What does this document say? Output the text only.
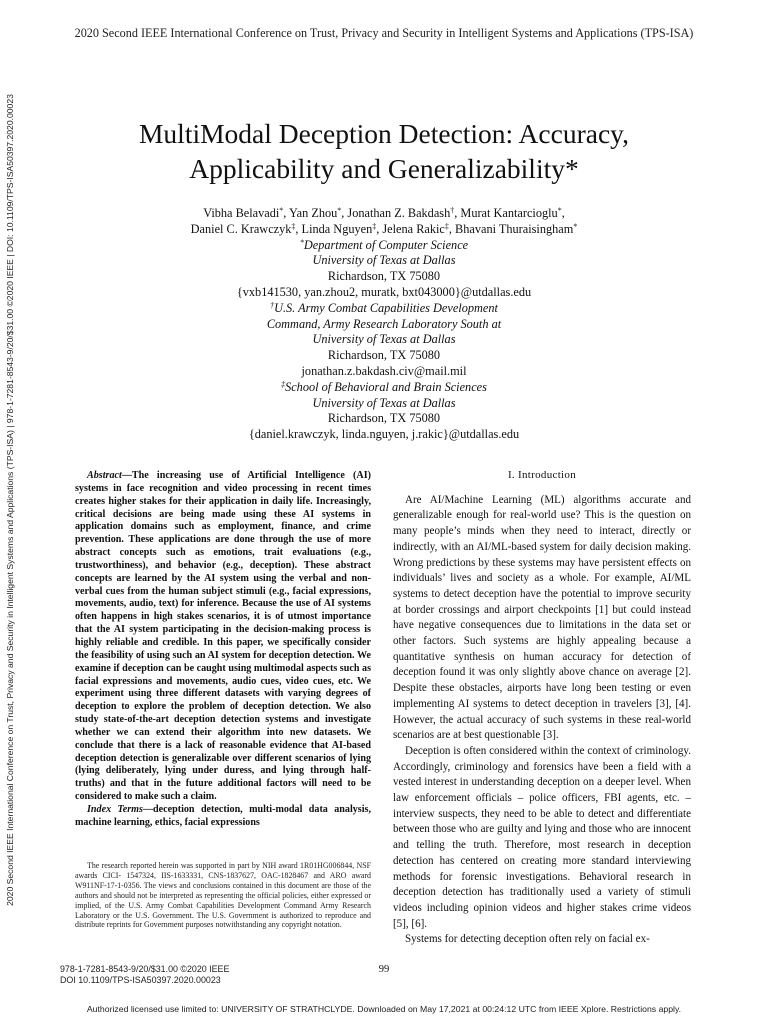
2020 Second IEEE International Conference on Trust, Privacy and Security in Intelligent Systems and Applications (TPS-ISA)
2020 Second IEEE International Conference on Trust, Privacy and Security in Intelligent Systems and Applications (TPS-ISA) | 978-1-7281-8543-9/20/$31.00 ©2020 IEEE | DOI: 10.1109/TPS-ISA50397.2020.00023	MultiModal Deception Detection: Accuracy,
Applicability and Generalizability*
Vibha Belavadi*, Yan Zhou*, Jonathan Z. Bakdash†, Murat Kantarcioglu*,
Daniel C. Krawczyk‡, Linda Nguyen‡, Jelena Rakic‡, Bhavani Thuraisingham*
*Department of Computer Science
University of Texas at Dallas
Richardson, TX 75080
{vxb141530, yan.zhou2, muratk, bxt043000}@utdallas.edu
†U.S. Army Combat Capabilities Development
Command, Army Research Laboratory South at
University of Texas at Dallas
Richardson, TX 75080
jonathan.z.bakdash.civ@mail.mil
‡School of Behavioral and Brain Sciences
University of Texas at Dallas
Richardson, TX 75080
{daniel.krawczyk, linda.nguyen, j.rakic}@utdallas.edu

Abstract—The increasing use of Artificial Intelligence (AI) systems in face recognition and video processing in recent times creates higher stakes for their application in daily life. Increasingly, critical decisions are being made using these AI systems in application domains such as employment, finance, and crime prevention. These applications are done through the use of more abstract concepts such as emotions, trait evaluations (e.g., trustworthiness), and behavior (e.g., deception). These abstract concepts are learned by the AI system using the verbal and non-verbal cues from the human subject stimuli (e.g., facial expressions, movements, audio, text) for inference. Because the use of AI systems often happens in high stakes scenarios, it is of utmost importance that the AI system participating in the decision-making process is highly reliable and credible. In this paper, we specifically consider the feasibility of using such an AI system for deception detection. We examine if deception can be caught using multimodal aspects such as facial expressions and movements, audio cues, video cues, etc. We experiment using three different datasets with varying degrees of deception to explore the problem of deception detection. We also study state-of-the-art deception detection systems and investigate whether we can extend their algorithm into new datasets. We conclude that there is a lack of reasonable evidence that AI-based deception detection is generalizable over different scenarios of lying (lying deliberately, lying under duress, and lying through half-truths) and that in the future additional factors will need to be considered to make such a claim.

Index Terms—deception detection, multi-modal data analysis, machine learning, ethics, facial expressions

The research reported herein was supported in part by NIH award 1R01HG006844, NSF awards CICI- 1547324, IIS-1633331, CNS-1837627, OAC-1828467 and ARO award W911NF-17-1-0356. The views and conclusions contained in this document are those of the authors and should not be interpreted as representing the official policies, either expressed or implied, of the U.S. Army Combat Capabilities Development Command Army Research Laboratory or the U.S. Government. The U.S. Government is authorized to reproduce and distribute reprints for Government purposes notwithstanding any copyright notation.

I. Introduction

Are AI/Machine Learning (ML) algorithms accurate and generalizable enough for real-world use? This is the question on many people’s minds when they need to interact, directly or indirectly, with an AI/ML-based system for daily decision making. Wrong predictions by these systems may have persistent effects on individuals’ lives and society as a whole. For example, AI/ML systems to detect deception have the potential to improve security at border crossings and airport checkpoints [1] but could instead have negative consequences due to limitations in the data set or other factors. Such systems are highly appealing because a quantitative synthesis on human accuracy for detection of deception found it was only slightly above chance on average [2]. Despite these obstacles, airports have long been testing or even implementing AI systems to detect deception in travelers [3], [4]. However, the actual accuracy of such systems in these real-world scenarios are at best questionable [3].

Deception is often considered within the context of criminology. Accordingly, criminology and forensics have been a field with a vested interest in understanding deception on a deeper level. When law enforcement officials – police officers, FBI agents, etc. – interview suspects, they need to be able to detect and differentiate between those who are guilty and lying and those who are innocent and telling the truth. Therefore, most research in deception detection has centered on creating more standard interviewing methods for forensic investigations. Behavioral research in deception detection has traditionally used a variety of stimuli videos including opinion videos and higher stakes crime videos [5], [6].

Systems for detecting deception often rely on facial ex-

978-1-7281-8543-9/20/$31.00 ©2020 IEEE
DOI 10.1109/TPS-ISA50397.2020.00023
99
Authorized licensed use limited to: UNIVERSITY OF STRATHCLYDE. Downloaded on May 17,2021 at 00:24:12 UTC from IEEE Xplore. Restrictions apply.
